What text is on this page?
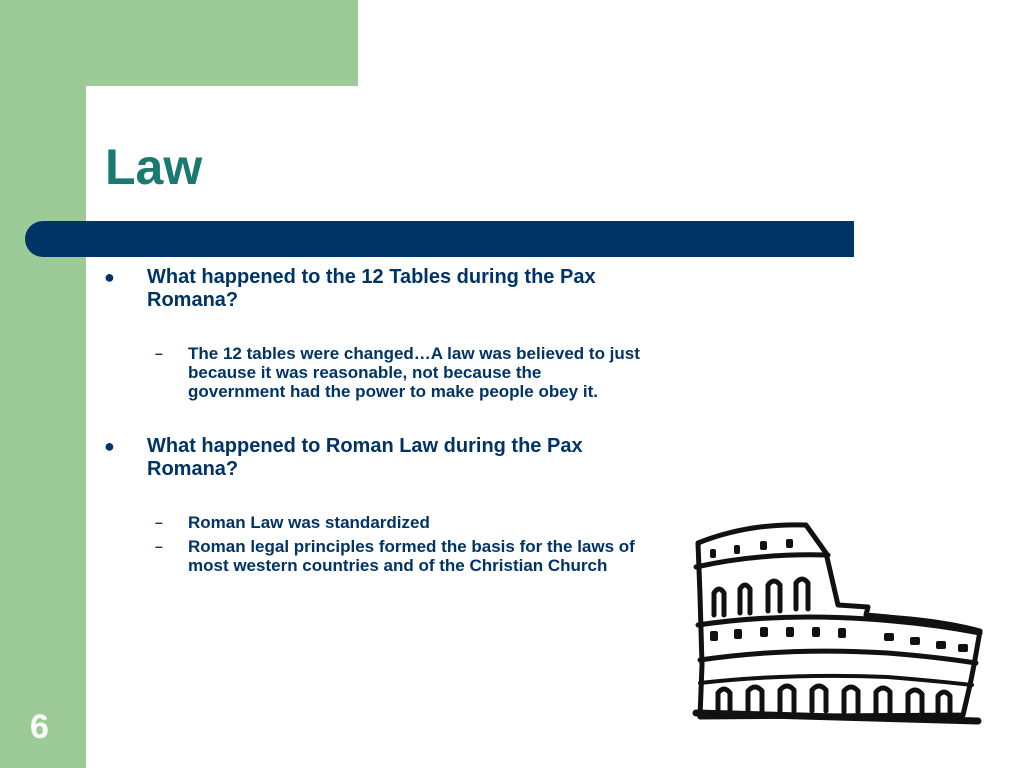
Law
● What happened to the 12 Tables during the Pax Romana?
– The 12 tables were changed…A law was believed to just because it was reasonable, not because the government had the power to make people obey it.
● What happened to Roman Law during the Pax Romana?
– Roman Law was standardized
– Roman legal principles formed the basis for the laws of most western countries and of the Christian Church
6
